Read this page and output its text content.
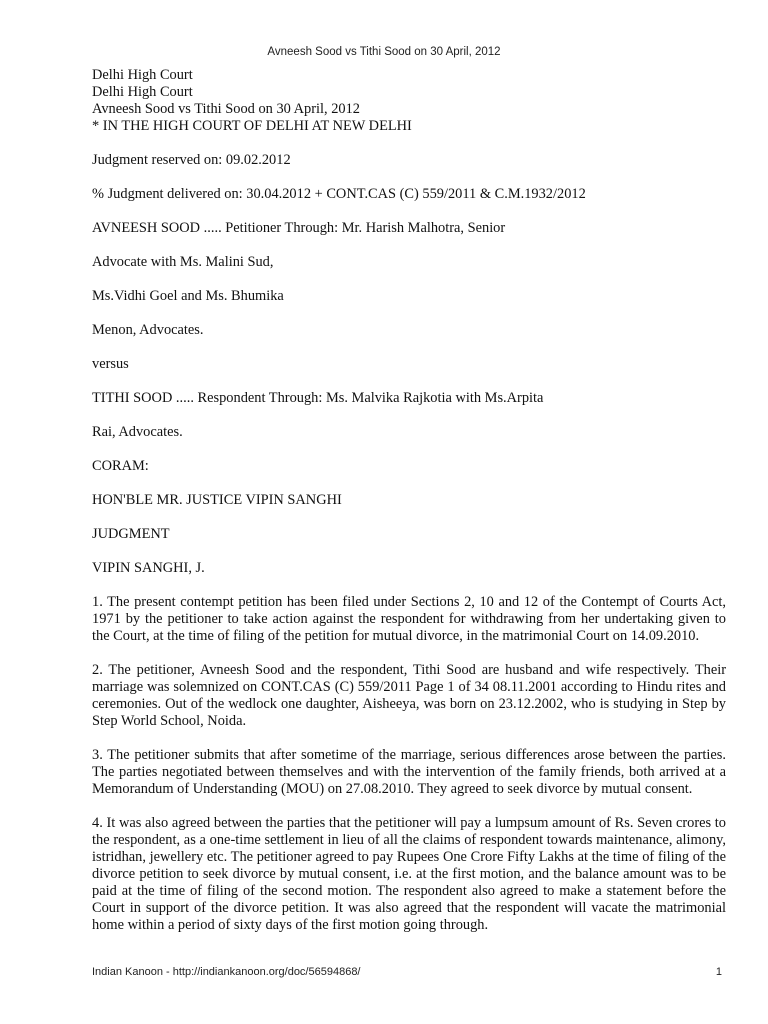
Avneesh Sood vs Tithi Sood on 30 April, 2012

Delhi High Court

Delhi High Court

Avneesh Sood vs Tithi Sood on 30 April, 2012

* IN THE HIGH COURT OF DELHI AT NEW DELHI

Judgment reserved on: 09.02.2012

% Judgment delivered on: 30.04.2012 + CONT.CAS (C) 559/2011 & C.M.1932/2012

AVNEESH SOOD ..... Petitioner Through: Mr. Harish Malhotra, Senior

Advocate with Ms. Malini Sud,

Ms.Vidhi Goel and Ms. Bhumika

Menon, Advocates.

versus

TITHI SOOD ..... Respondent Through: Ms. Malvika Rajkotia with Ms.Arpita

Rai, Advocates.

CORAM:

HON'BLE MR. JUSTICE VIPIN SANGHI

JUDGMENT

VIPIN SANGHI, J.

1. The present contempt petition has been filed under Sections 2, 10 and 12 of the Contempt of Courts Act, 1971 by the petitioner to take action against the respondent for withdrawing from her undertaking given to the Court, at the time of filing of the petition for mutual divorce, in the matrimonial Court on 14.09.2010.

2. The petitioner, Avneesh Sood and the respondent, Tithi Sood are husband and wife respectively. Their marriage was solemnized on CONT.CAS (C) 559/2011 Page 1 of 34 08.11.2001 according to Hindu rites and ceremonies. Out of the wedlock one daughter, Aisheeya, was born on 23.12.2002, who is studying in Step by Step World School, Noida.

3. The petitioner submits that after sometime of the marriage, serious differences arose between the parties. The parties negotiated between themselves and with the intervention of the family friends, both arrived at a Memorandum of Understanding (MOU) on 27.08.2010. They agreed to seek divorce by mutual consent.

4. It was also agreed between the parties that the petitioner will pay a lumpsum amount of Rs. Seven crores to the respondent, as a one-time settlement in lieu of all the claims of respondent towards maintenance, alimony, istridhan, jewellery etc. The petitioner agreed to pay Rupees One Crore Fifty Lakhs at the time of filing of the divorce petition to seek divorce by mutual consent, i.e. at the first motion, and the balance amount was to be paid at the time of filing of the second motion. The respondent also agreed to make a statement before the Court in support of the divorce petition. It was also agreed that the respondent will vacate the matrimonial home within a period of sixty days of the first motion going through.

Indian Kanoon - http://indiankanoon.org/doc/56594868/	1
